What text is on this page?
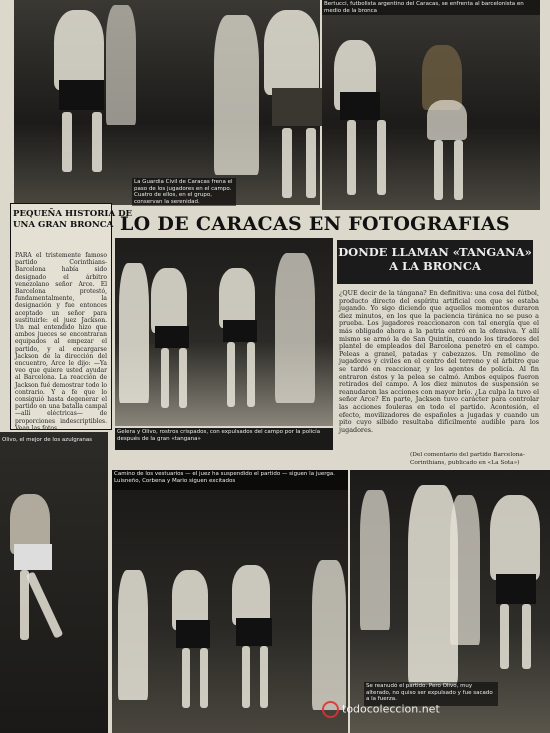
La Guardia Civil de Caracas frena el paso de los jugadores en el campo. Cuatro de ellos, en el grupo, conservan la serenidad.
Bertucci, futbolista argentino del Caracas, se enfrenta al barcelonista en medio de la bronca
PEQUEÑA HISTORIA DE
UNA GRAN BRONCA
PARA el tristemente famoso partido Corinthians-Barcelona había sido designado el árbitro venezolano señor Arce. El Barcelona protestó, fundamentalmente, la designación y fue entonces aceptado un señor para sustituirle: el juez Jackson. Un mal entendido hizo que ambos jueces se encontraran equipados al empezar el partido, y al encargarse Jackson de la dirección del encuentro, Arce le dijo: —Ya veo que quiere usted ayudar al Barcelona. La reacción de Jackson fué demostrar todo lo contrario. Y a fe que lo consiguió hasta degenerar el partido en una batalla campal —allí eléctricas— de proporciones indescriptibles. Vean las fotos.
LO DE CARACAS EN FOTOGRAFIAS
Gelera y Olivo, rostros crispados, con expulsados del campo por la policía después de la gran «tangana»
DONDE LLAMAN «TANGANA»
A LA BRONCA
¿QUE decir de la tángana? En definitiva: una cosa del fútbol, producto directo del espíritu artificial con que se estaba jugando. Yo sigo diciendo que aquellos momentos duraron diez minutos, en los que la paciencia tiránica no se puso a prueba. Los jugadores reaccionaron con tal energía que el más obligado ahora a la patria entró en la ofensiva. Y allí mismo se armó la de San Quintín, cuando los tiradores del plantel de empleados del Barcelona penetró en el campo. Peleas a granel, patadas y cabezazos. Un remolino de jugadores y civiles en el centro del terreno y el árbitro que se tardó en reaccionar, y los agentes de policía. Al fin entraron éstos y la pelea se calmó. Ambos equipos fueron retirados del campo. A los diez minutos de suspensión se reanudaron las acciones con mayor brío. ¿La culpa la tuvo el señor Arce? En parte, Jackson tuvo carácter para controlar las acciones fouleras en todo el partido. Acontesión, el efecto, movilizadores de españoles a jugadas y cuando un pito cuyo silbido resultaba difícilmente audible para los jugadores.
(Del comentario del partido Barcelona-
Corinthians, publicado en «La Sota»)
Olivo, el mejor de los azulgranas
Camino de los vestuarios — el juez ha suspendido el partido — siguen la juerga. Luisneño, Corbena y Mario siguen excitados
Se reanudó el partido. Pero Olivo, muy alterado, no quiso ser expulsado y fue sacado a la fuerza.
todocoleccion.net
